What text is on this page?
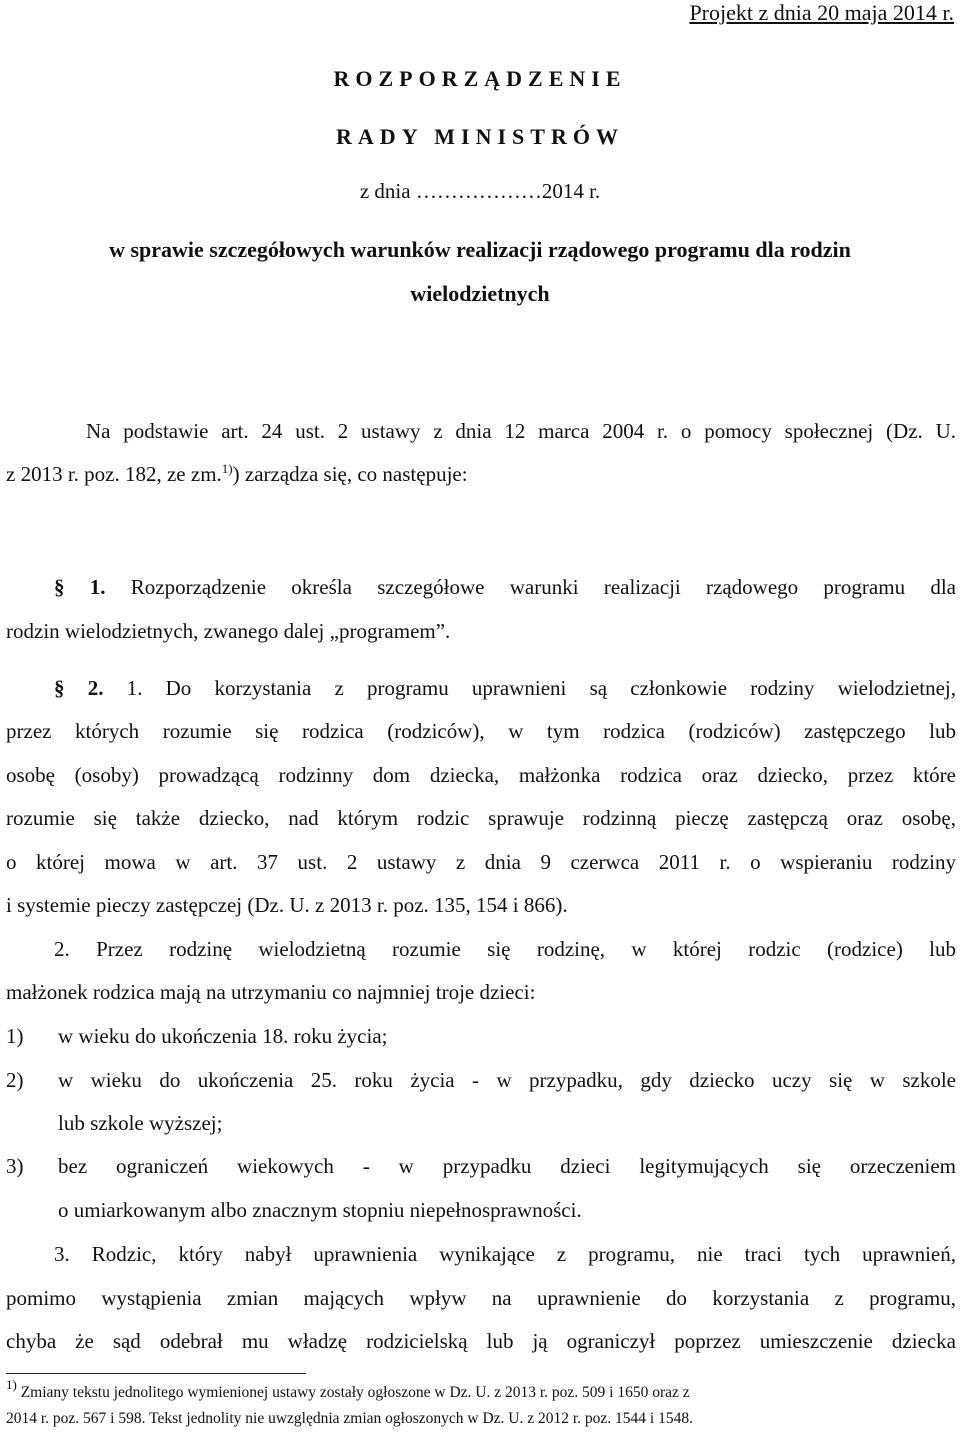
Projekt z dnia 20 maja 2014 r.
ROZPORZĄDZENIE
RADY MINISTRÓW
z dnia ………………2014 r.
w sprawie szczegółowych warunków realizacji rządowego programu dla rodzin
wielodzietnych
Na podstawie art. 24 ust. 2 ustawy z dnia 12 marca 2004 r. o pomocy społecznej (Dz. U.
z 2013 r. poz. 182, ze zm.$^{1)}$) zarządza się, co następuje:
§ 1. Rozporządzenie określa szczegółowe warunki realizacji rządowego programu dla
rodzin wielodzietnych, zwanego dalej „programem”.
§ 2. 1. Do korzystania z programu uprawnieni są członkowie rodziny wielodzietnej,
przez których rozumie się rodzica (rodziców), w tym rodzica (rodziców) zastępczego lub
osobę (osoby) prowadzącą rodzinny dom dziecka, małżonka rodzica oraz dziecko, przez które
rozumie się także dziecko, nad którym rodzic sprawuje rodzinną pieczę zastępczą oraz osobę,
o której mowa w art. 37 ust. 2 ustawy z dnia 9 czerwca 2011 r. o wspieraniu rodziny
i systemie pieczy zastępczej (Dz. U. z 2013 r. poz. 135, 154 i 866).
2. Przez rodzinę wielodzietną rozumie się rodzinę, w której rodzic (rodzice) lub
małżonek rodzica mają na utrzymaniu co najmniej troje dzieci:
1) w wieku do ukończenia 18. roku życia;
2) w wieku do ukończenia 25. roku życia - w przypadku, gdy dziecko uczy się w szkole
lub szkole wyższej;
3) bez ograniczeń wiekowych - w przypadku dzieci legitymujących się orzeczeniem
o umiarkowanym albo znacznym stopniu niepełnosprawności.
3. Rodzic, który nabył uprawnienia wynikające z programu, nie traci tych uprawnień,
pomimo wystąpienia zmian mających wpływ na uprawnienie do korzystania z programu,
chyba że sąd odebrał mu władzę rodzicielską lub ją ograniczył poprzez umieszczenie dziecka
$^{1)}$ Zmiany tekstu jednolitego wymienionej ustawy zostały ogłoszone w Dz. U. z 2013 r. poz. 509 i 1650 oraz z
2014 r. poz. 567 i 598. Tekst jednolity nie uwzględnia zmian ogłoszonych w Dz. U. z 2012 r. poz. 1544 i 1548.
